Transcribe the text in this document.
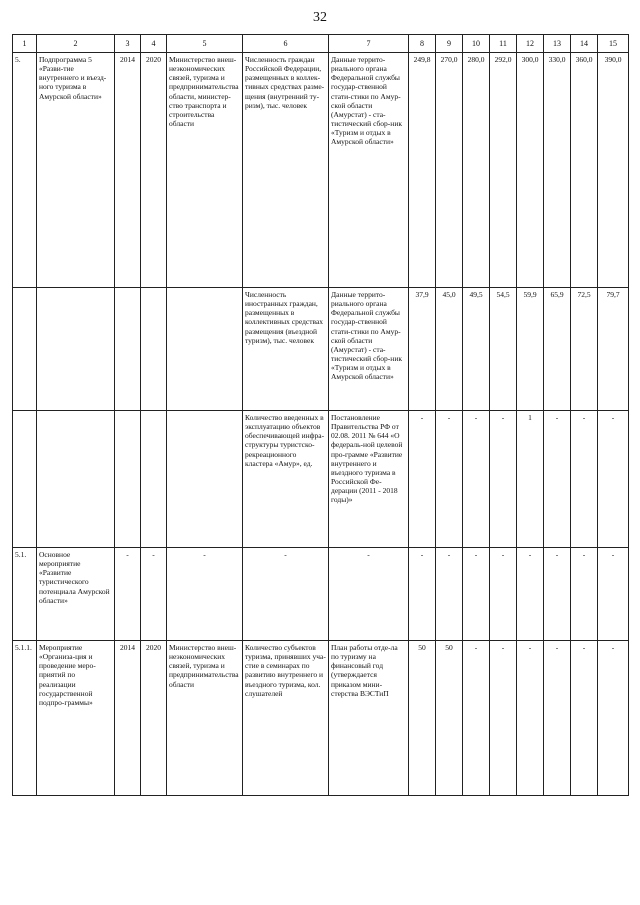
32
1	2	3	4	5	6	7	8	9	10	11	12	13	14	15
5.	Подпрограмма 5 «Разви-тие внутреннего и въезд-ного туризма в Амурской области»	2014	2020	Министерство внеш-неэкономических связей, туризма и предпринимательства области, министер-ство транспорта и строительства области	Численность граждан Российской Федерации, размещенных в коллек-тивных средствах разме-щения (внутренний ту-ризм), тыс. человек	Данные террито-риального органа Федеральной службы государ-ственной стати-стики по Амур-ской области (Амурстат) - ста-тистический сбор-ник «Туризм и отдых в Амурской области»	249,8	270,0	280,0	292,0	300,0	330,0	360,0	390,0
					Численность иностранных граждан, размещенных в коллективных средствах размещения (въездной туризм), тыс. человек	Данные террито-риального органа Федеральной службы государ-ственной стати-стики по Амур-ской области (Амурстат) - ста-тистический сбор-ник «Туризм и отдых в Амурской области»	37,9	45,0	49,5	54,5	59,9	65,9	72,5	79,7
					Количество введенных в эксплуатацию объектов обеспечивающей инфра-структуры туристско-рекреационного кластера «Амур», ед.	Постановление Правительства РФ от 02.08. 2011 № 644 «О федераль-ной целевой про-грамме «Развитие внутреннего и въездного туризма в Российской Фе-дерации (2011 - 2018 годы)»	-	-	-	-	1	-	-	-
5.1.	Основное мероприятие «Развитие туристического потенциала Амурской области»	-	-	-	-	-	-	-	-	-	-	-	-	-
5.1.1.	Мероприятие «Организа-ция и проведение меро-приятий по реализации государственной подпро-граммы»	2014	2020	Министерство внеш-неэкономических связей, туризма и предпринимательства области	Количество субъектов туризма, принявших уча-стие в семинарах по развитию внутреннего и въездного туризма, кол. слушателей	План работы отде-ла по туризму на финансовый год (утверждается приказом мини-стерства ВЭСТиП	50	50	-	-	-	-	-	-
